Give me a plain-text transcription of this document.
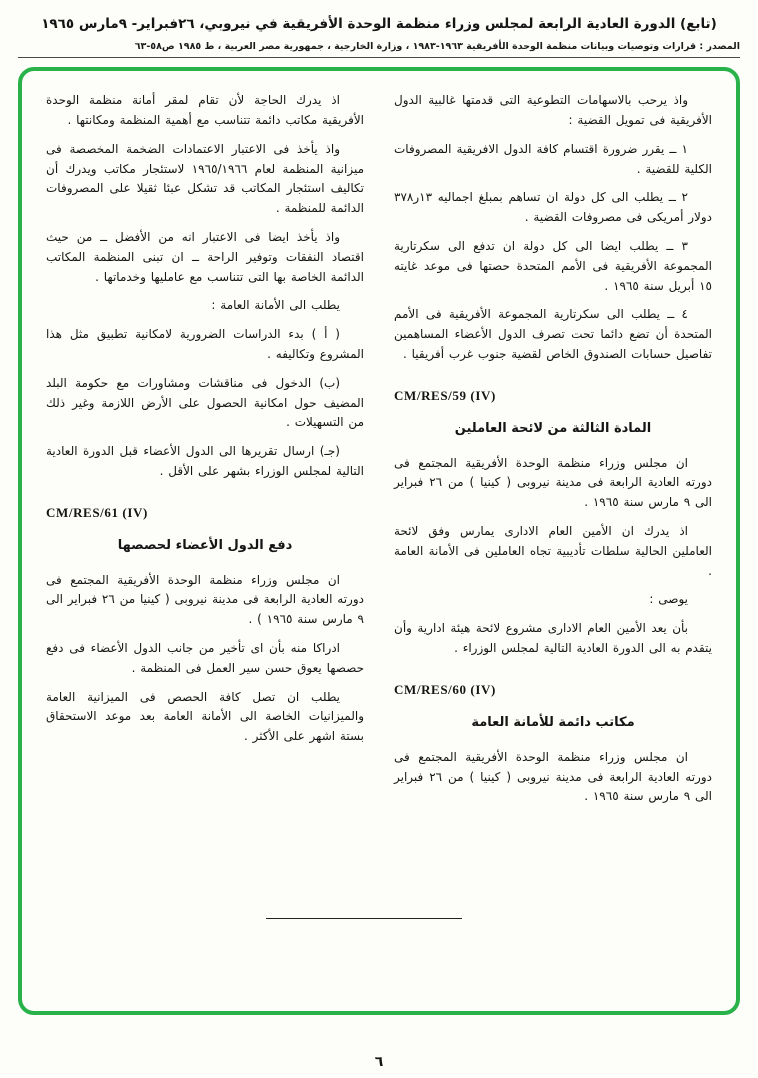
(تابع) الدورة العادية الرابعة لمجلس وزراء منظمة الوحدة الأفريقية في نيروبي، ٢٦فبراير- ٩مارس ١٩٦٥
المصدر : قرارات وتوصيات وبيانات منظمة الوحدة الأفريقية ١٩٦٣-١٩٨٣ ، وزارة الخارجية ، جمهورية مصر العربية ، ط ١٩٨٥ ص٥٨-٦٣

واذ يرحب بالاسهامات التطوعية التى قدمتها غالبية الدول الأفريقية فى تمويل القضية :

١ ــ يقرر ضرورة اقتسام كافة الدول الافريقية المصروفات الكلية للقضية .

٢ ــ يطلب الى كل دولة ان تساهم بمبلغ اجماليه ١٣ر٣٧٨ دولار أمريكى فى مصروفات القضية .

٣ ــ يطلب ايضا الى كل دولة ان تدفع الى سكرتارية المجموعة الأفريقية فى الأمم المتحدة حصتها فى موعد غايته ١٥ أبريل سنة ١٩٦٥ .

٤ ــ يطلب الى سكرتارية المجموعة الأفريقية فى الأمم المتحدة أن تضع دائما تحت تصرف الدول الأعضاء المساهمين تفاصيل حسابات الصندوق الخاص لقضية جنوب غرب أفريقيا .

CM/RES/59 (IV)

المادة الثالثة من لائحة العاملين

ان مجلس وزراء منظمة الوحدة الأفريقية المجتمع فى دورته العادية الرابعة فى مدينة نيروبى ( كينيا ) من ٢٦ فبراير الى ٩ مارس سنة ١٩٦٥ .

اذ يدرك ان الأمين العام الادارى يمارس وفق لائحة العاملين الحالية سلطات تأديبية تجاه العاملين فى الأمانة العامة .

يوصى :

بأن يعد الأمين العام الادارى مشروع لائحة هيئة ادارية وأن يتقدم به الى الدورة العادية التالية لمجلس الوزراء .

CM/RES/60 (IV)

مكاتب دائمة للأمانة العامة

ان مجلس وزراء منظمة الوحدة الأفريقية المجتمع فى دورته العادية الرابعة فى مدينة نيروبى ( كينيا ) من ٢٦ فبراير الى ٩ مارس سنة ١٩٦٥ .

اذ يدرك الحاجة لأن تقام لمقر أمانة منظمة الوحدة الأفريقية مكاتب دائمة تتناسب مع أهمية المنظمة ومكانتها .

واذ يأخذ فى الاعتبار الاعتمادات الضخمة المخصصة فى ميزانية المنظمة لعام ١٩٦٥/١٩٦٦ لاستئجار مكاتب ويدرك أن تكاليف استئجار المكاتب قد تشكل عبئا ثقيلا على المصروفات الدائمة للمنظمة .

واذ يأخذ ايضا فى الاعتبار انه من الأفضل ــ من حيث اقتصاد النفقات وتوفير الراحة ــ ان تبنى المنظمة المكاتب الدائمة الخاصة بها التى تتناسب مع عامليها وخدماتها .

يطلب الى الأمانة العامة :

( أ ) بدء الدراسات الضرورية لامكانية تطبيق مثل هذا المشروع وتكاليفه .

(ب) الدخول فى مناقشات ومشاورات مع حكومة البلد المضيف حول امكانية الحصول على الأرض اللازمة وغير ذلك من التسهيلات .

(جـ) ارسال تقريرها الى الدول الأعضاء قبل الدورة العادية التالية لمجلس الوزراء بشهر على الأقل .

CM/RES/61 (IV)

دفع الدول الأعضاء لحصصها

ان مجلس وزراء منظمة الوحدة الأفريقية المجتمع فى دورته العادية الرابعة فى مدينة نيروبى ( كينيا من ٢٦ فبراير الى ٩ مارس سنة ١٩٦٥ ) .

ادراكا منه بأن اى تأخير من جانب الدول الأعضاء فى دفع حصصها يعوق حسن سير العمل فى المنظمة .

يطلب ان تصل كافة الحصص فى الميزانية العامة والميزانيات الخاصة الى الأمانة العامة بعد موعد الاستحقاق بستة اشهر على الأكثر .

٦
